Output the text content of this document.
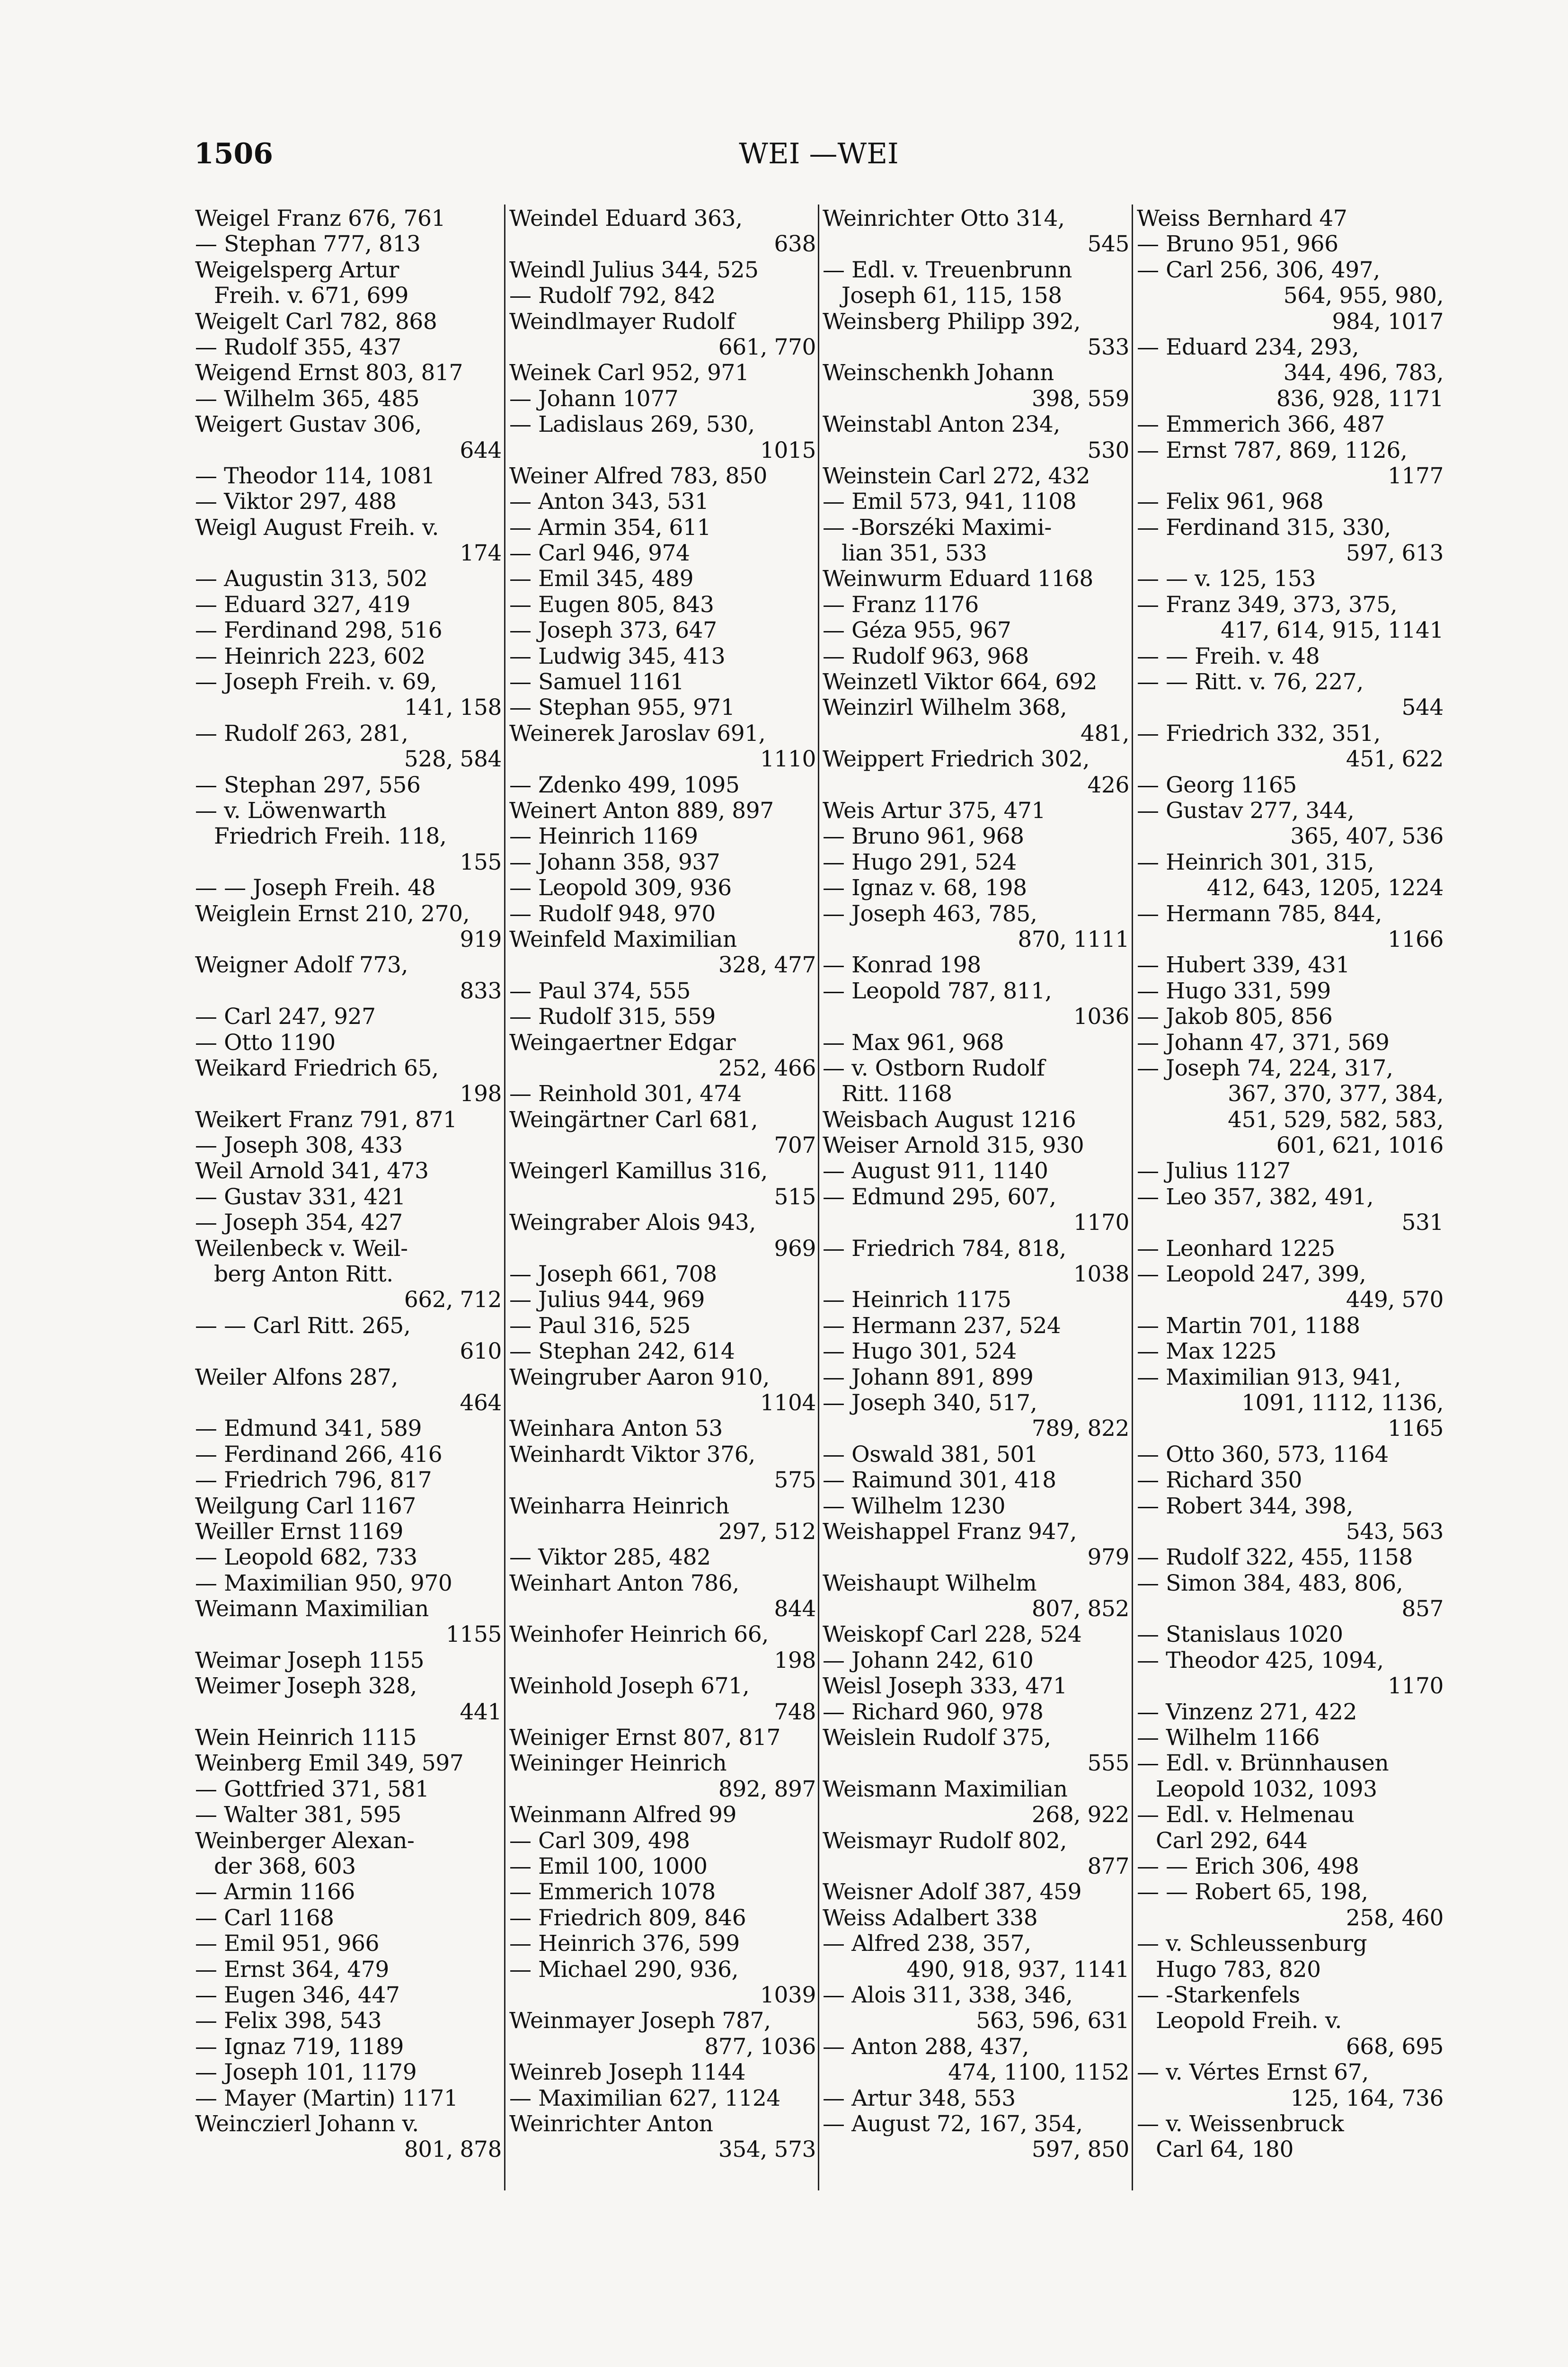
WEI —WEI
1506
Weigel Franz 676, 761
— Stephan 777, 813
Weigelsperg Artur
Freih. v. 671, 699
Weigelt Carl 782, 868
— Rudolf 355, 437
Weigend Ernst 803, 817
— Wilhelm 365, 485
Weigert Gustav 306,
644
— Theodor 114, 1081
— Viktor 297, 488
Weigl August Freih. v.
174
— Augustin 313, 502
— Eduard 327, 419
— Ferdinand 298, 516
— Heinrich 223, 602
— Joseph Freih. v. 69,
141, 158
— Rudolf 263, 281,
528, 584
— Stephan 297, 556
— v. Löwenwarth
Friedrich Freih. 118,
155
— — Joseph Freih. 48
Weiglein Ernst 210, 270,
919
Weigner Adolf 773,
833
— Carl 247, 927
— Otto 1190
Weikard Friedrich 65,
198
Weikert Franz 791, 871
— Joseph 308, 433
Weil Arnold 341, 473
— Gustav 331, 421
— Joseph 354, 427
Weilenbeck v. Weil-
berg Anton Ritt.
662, 712
— — Carl Ritt. 265,
610
Weiler Alfons 287,
464
— Edmund 341, 589
— Ferdinand 266, 416
— Friedrich 796, 817
Weilgung Carl 1167
Weiller Ernst 1169
— Leopold 682, 733
— Maximilian 950, 970
Weimann Maximilian
1155
Weimar Joseph 1155
Weimer Joseph 328,
441
Wein Heinrich 1115
Weinberg Emil 349, 597
— Gottfried 371, 581
— Walter 381, 595
Weinberger Alexan-
der 368, 603
— Armin 1166
— Carl 1168
— Emil 951, 966
— Ernst 364, 479
— Eugen 346, 447
— Felix 398, 543
— Ignaz 719, 1189
— Joseph 101, 1179
— Mayer (Martin) 1171
Weinczierl Johann v.
801, 878
Weindel Eduard 363,
638
Weindl Julius 344, 525
— Rudolf 792, 842
Weindlmayer Rudolf
661, 770
Weinek Carl 952, 971
— Johann 1077
— Ladislaus 269, 530,
1015
Weiner Alfred 783, 850
— Anton 343, 531
— Armin 354, 611
— Carl 946, 974
— Emil 345, 489
— Eugen 805, 843
— Joseph 373, 647
— Ludwig 345, 413
— Samuel 1161
— Stephan 955, 971
Weinerek Jaroslav 691,
1110
— Zdenko 499, 1095
Weinert Anton 889, 897
— Heinrich 1169
— Johann 358, 937
— Leopold 309, 936
— Rudolf 948, 970
Weinfeld Maximilian
328, 477
— Paul 374, 555
— Rudolf 315, 559
Weingaertner Edgar
252, 466
— Reinhold 301, 474
Weingärtner Carl 681,
707
Weingerl Kamillus 316,
515
Weingraber Alois 943,
969
— Joseph 661, 708
— Julius 944, 969
— Paul 316, 525
— Stephan 242, 614
Weingruber Aaron 910,
1104
Weinhara Anton 53
Weinhardt Viktor 376,
575
Weinharra Heinrich
297, 512
— Viktor 285, 482
Weinhart Anton 786,
844
Weinhofer Heinrich 66,
198
Weinhold Joseph 671,
748
Weiniger Ernst 807, 817
Weininger Heinrich
892, 897
Weinmann Alfred 99
— Carl 309, 498
— Emil 100, 1000
— Emmerich 1078
— Friedrich 809, 846
— Heinrich 376, 599
— Michael 290, 936,
1039
Weinmayer Joseph 787,
877, 1036
Weinreb Joseph 1144
— Maximilian 627, 1124
Weinrichter Anton
354, 573
Weinrichter Otto 314,
545
— Edl. v. Treuenbrunn
Joseph 61, 115, 158
Weinsberg Philipp 392,
533
Weinschenkh Johann
398, 559
Weinstabl Anton 234,
530
Weinstein Carl 272, 432
— Emil 573, 941, 1108
— -Borszéki Maximi-
lian 351, 533
Weinwurm Eduard 1168
— Franz 1176
— Géza 955, 967
— Rudolf 963, 968
Weinzetl Viktor 664, 692
Weinzirl Wilhelm 368,
481,
Weippert Friedrich 302,
426
Weis Artur 375, 471
— Bruno 961, 968
— Hugo 291, 524
— Ignaz v. 68, 198
— Joseph 463, 785,
870, 1111
— Konrad 198
— Leopold 787, 811,
1036
— Max 961, 968
— v. Ostborn Rudolf
Ritt. 1168
Weisbach August 1216
Weiser Arnold 315, 930
— August 911, 1140
— Edmund 295, 607,
1170
— Friedrich 784, 818,
1038
— Heinrich 1175
— Hermann 237, 524
— Hugo 301, 524
— Johann 891, 899
— Joseph 340, 517,
789, 822
— Oswald 381, 501
— Raimund 301, 418
— Wilhelm 1230
Weishappel Franz 947,
979
Weishaupt Wilhelm
807, 852
Weiskopf Carl 228, 524
— Johann 242, 610
Weisl Joseph 333, 471
— Richard 960, 978
Weislein Rudolf 375,
555
Weismann Maximilian
268, 922
Weismayr Rudolf 802,
877
Weisner Adolf 387, 459
Weiss Adalbert 338
— Alfred 238, 357,
490, 918, 937, 1141
— Alois 311, 338, 346,
563, 596, 631
— Anton 288, 437,
474, 1100, 1152
— Artur 348, 553
— August 72, 167, 354,
597, 850
Weiss Bernhard 47
— Bruno 951, 966
— Carl 256, 306, 497,
564, 955, 980,
984, 1017
— Eduard 234, 293,
344, 496, 783,
836, 928, 1171
— Emmerich 366, 487
— Ernst 787, 869, 1126,
1177
— Felix 961, 968
— Ferdinand 315, 330,
597, 613
— — v. 125, 153
— Franz 349, 373, 375,
417, 614, 915, 1141
— — Freih. v. 48
— — Ritt. v. 76, 227,
544
— Friedrich 332, 351,
451, 622
— Georg 1165
— Gustav 277, 344,
365, 407, 536
— Heinrich 301, 315,
412, 643, 1205, 1224
— Hermann 785, 844,
1166
— Hubert 339, 431
— Hugo 331, 599
— Jakob 805, 856
— Johann 47, 371, 569
— Joseph 74, 224, 317,
367, 370, 377, 384,
451, 529, 582, 583,
601, 621, 1016
— Julius 1127
— Leo 357, 382, 491,
531
— Leonhard 1225
— Leopold 247, 399,
449, 570
— Martin 701, 1188
— Max 1225
— Maximilian 913, 941,
1091, 1112, 1136,
1165
— Otto 360, 573, 1164
— Richard 350
— Robert 344, 398,
543, 563
— Rudolf 322, 455, 1158
— Simon 384, 483, 806,
857
— Stanislaus 1020
— Theodor 425, 1094,
1170
— Vinzenz 271, 422
— Wilhelm 1166
— Edl. v. Brünnhausen
Leopold 1032, 1093
— Edl. v. Helmenau
Carl 292, 644
— — Erich 306, 498
— — Robert 65, 198,
258, 460
— v. Schleussenburg
Hugo 783, 820
— -Starkenfels
Leopold Freih. v.
668, 695
— v. Vértes Ernst 67,
125, 164, 736
— v. Weissenbruck
Carl 64, 180
